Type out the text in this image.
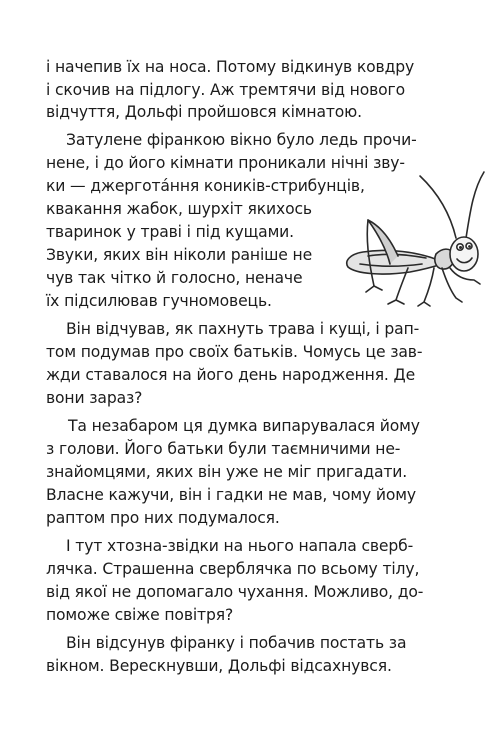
і начепив їх на носа. Потому відкинув ковдру
і скочив на підлогу. Аж тремтячи від нового
відчуття, Дольфі пройшовся кімнатою.
Затулене фіранкою вікно було ледь прочи-
нене, і до його кімнати проникали нічні зву-
ки — джерготáння коників-стрибунців,
квакання жабок, шурхіт якихось
тваринок у траві і під кущами.
Звуки, яких він ніколи раніше не
чув так чітко й голосно, неначе
їх підсилював гучномовець.
Він відчував, як пахнуть трава і кущі, і рап-
том подумав про своїх батьків. Чомусь це зав-
жди ставалося на його день народження. Де
вони зараз?
Та незабаром ця думка випарувалася йому
з голови. Його батьки були таємничими не-
знайомцями, яких він уже не міг пригадати.
Власне кажучи, він і гадки не мав, чому йому
раптом про них подумалося.
І тут хтозна-звідки на нього напала сверб-
лячка. Страшенна сверблячка по всьому тілу,
від якої не допомагало чухання. Можливо, до-
поможе свіже повітря?
Він відсунув фіранку і побачив постать за
вікном. Верескнувши, Дольфі відсахнувся.
